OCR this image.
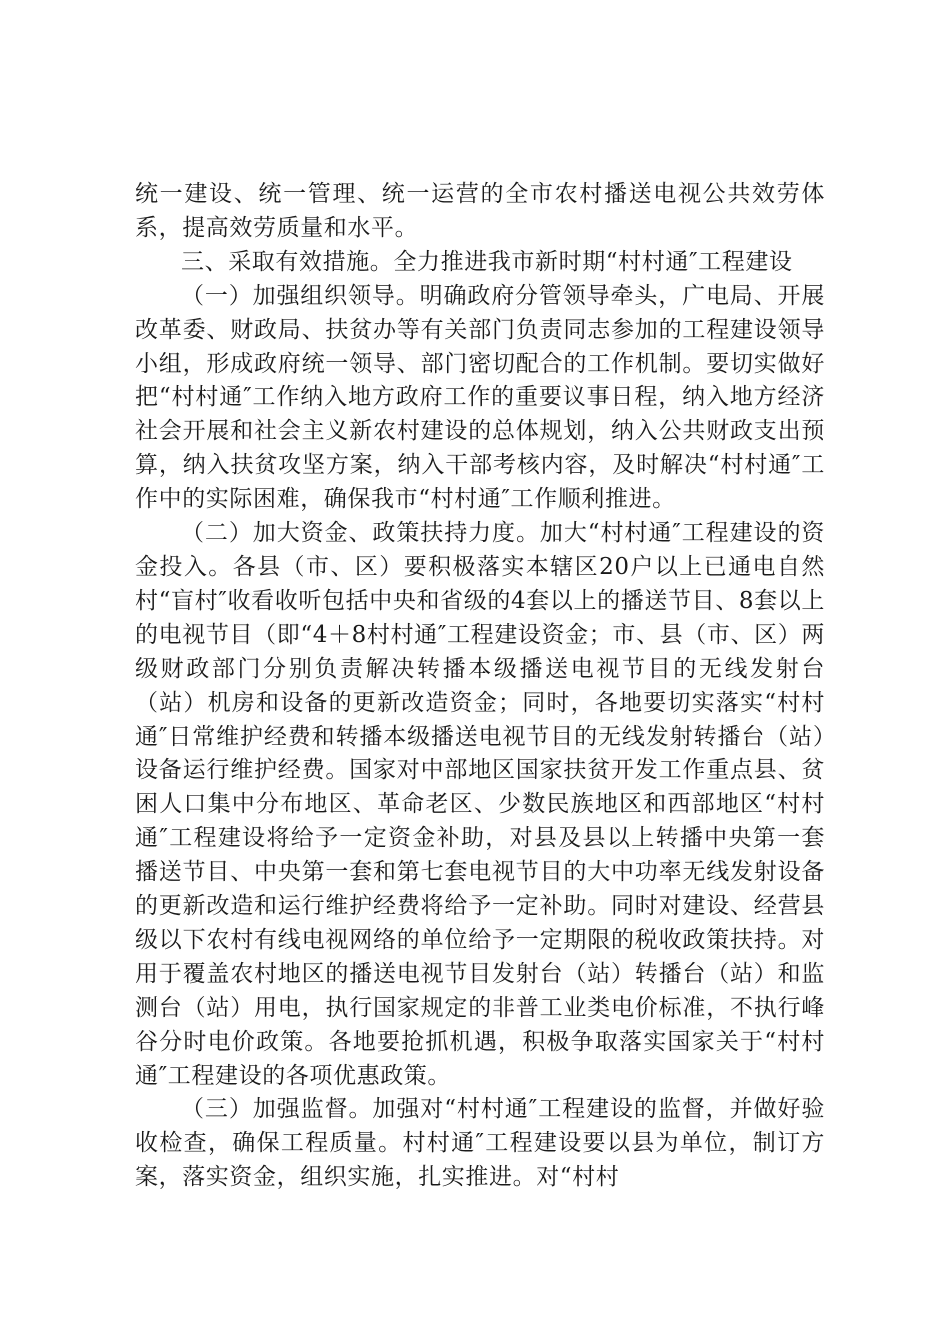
统一建设、统一管理、统一运营的全市农村播送电视公共效劳体系，提高效劳质量和水平。

三、采取有效措施。全力推进我市新时期“村村通″工程建设

（一）加强组织领导。明确政府分管领导牵头，广电局、开展改革委、财政局、扶贫办等有关部门负责同志参加的工程建设领导小组，形成政府统一领导、部门密切配合的工作机制。要切实做好把“村村通″工作纳入地方政府工作的重要议事日程，纳入地方经济社会开展和社会主义新农村建设的总体规划，纳入公共财政支出预算，纳入扶贫攻坚方案，纳入干部考核内容，及时解决“村村通″工作中的实际困难，确保我市“村村通″工作顺利推进。

（二）加大资金、政策扶持力度。加大“村村通″工程建设的资金投入。各县（市、区）要积极落实本辖区20户以上已通电自然村“盲村″收看收听包括中央和省级的4套以上的播送节目、8套以上的电视节目（即“4＋8村村通″工程建设资金；市、县（市、区）两级财政部门分别负责解决转播本级播送电视节目的无线发射台（站）机房和设备的更新改造资金；同时，各地要切实落实“村村通″日常维护经费和转播本级播送电视节目的无线发射转播台（站）设备运行维护经费。国家对中部地区国家扶贫开发工作重点县、贫困人口集中分布地区、革命老区、少数民族地区和西部地区“村村通″工程建设将给予一定资金补助，对县及县以上转播中央第一套播送节目、中央第一套和第七套电视节目的大中功率无线发射设备的更新改造和运行维护经费将给予一定补助。同时对建设、经营县级以下农村有线电视网络的单位给予一定期限的税收政策扶持。对用于覆盖农村地区的播送电视节目发射台（站）转播台（站）和监测台（站）用电，执行国家规定的非普工业类电价标准，不执行峰谷分时电价政策。各地要抢抓机遇，积极争取落实国家关于“村村通″工程建设的各项优惠政策。

（三）加强监督。加强对“村村通″工程建设的监督，并做好验收检查，确保工程质量。村村通″工程建设要以县为单位，制订方案，落实资金，组织实施，扎实推进。对“村村
